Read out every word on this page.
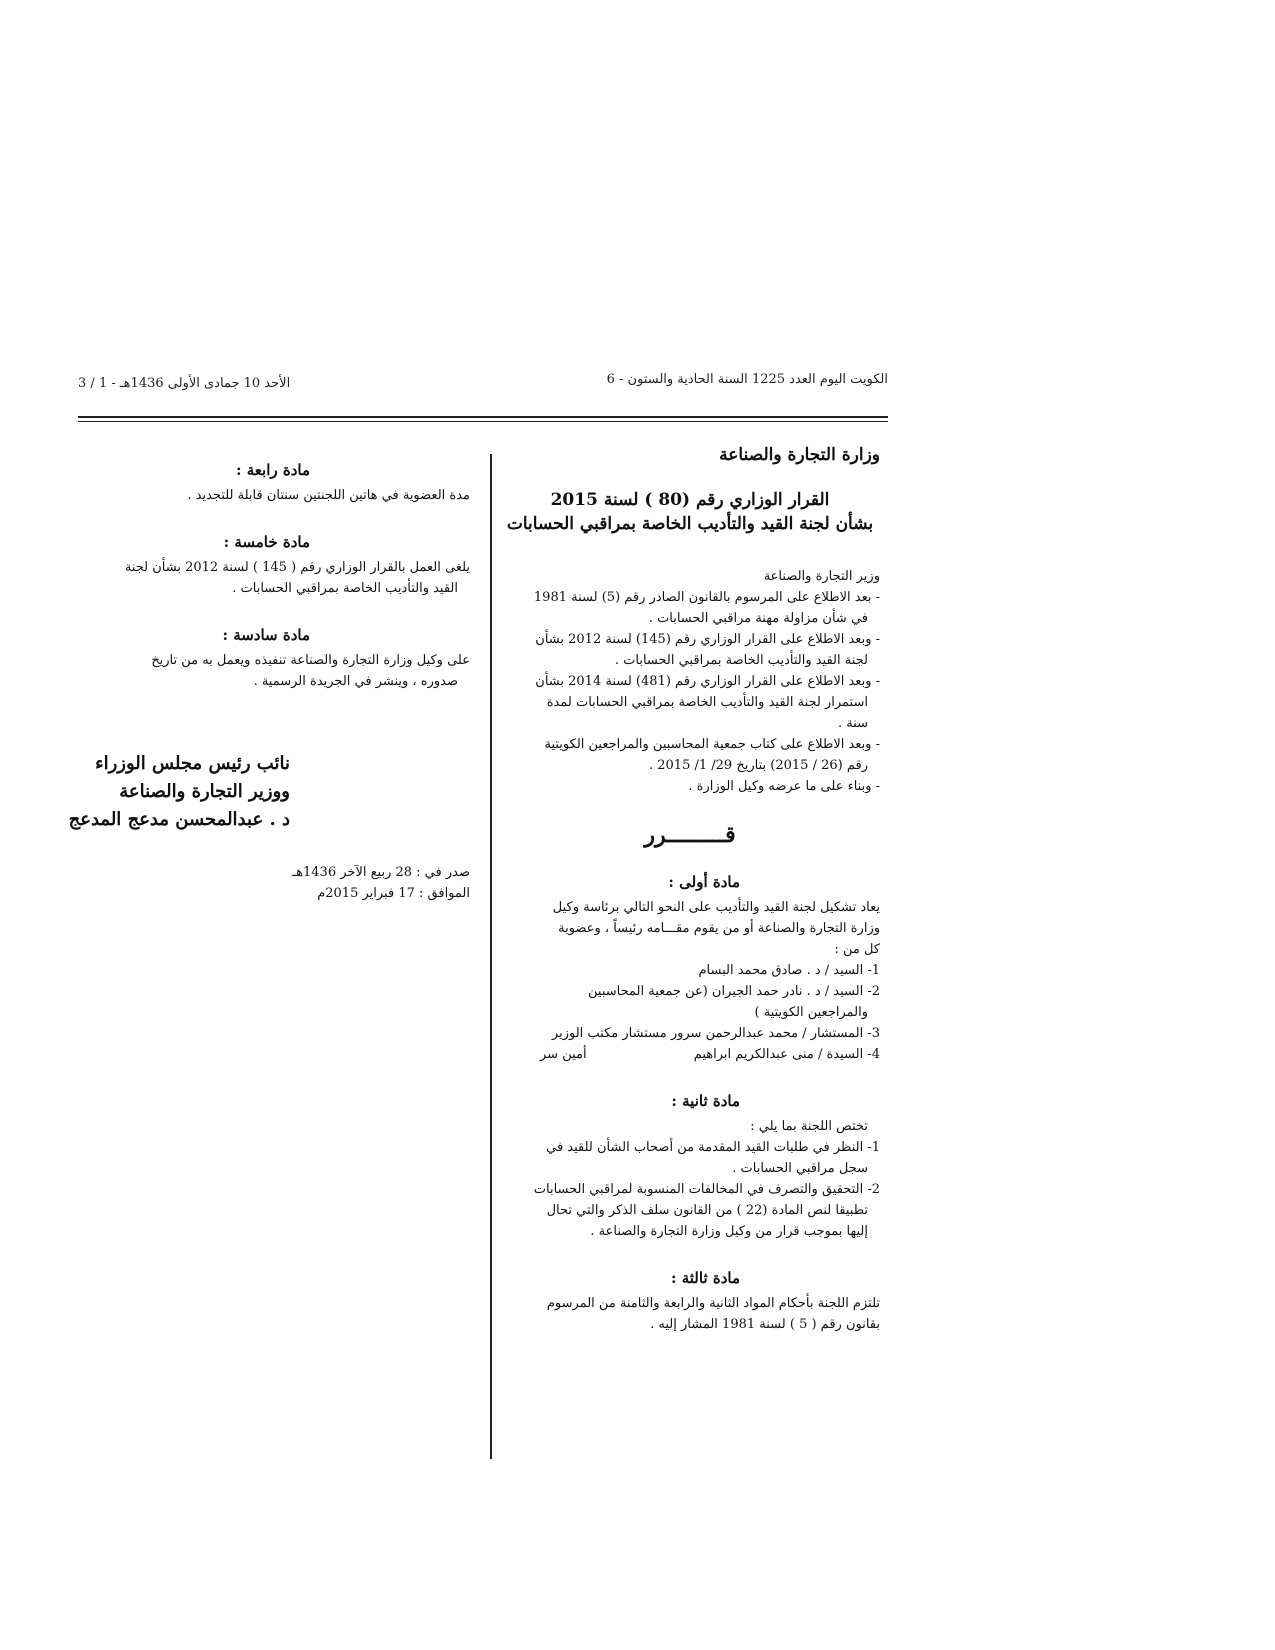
الكويت اليوم العدد 1225 السنة الحادية والستون - 6
الأحد 10 جمادى الأولى 1436هـ - 1 / 3
وزارة التجارة والصناعة
القرار الوزاري رقم (80 ) لسنة 2015
بشأن لجنة القيد والتأديب الخاصة بمراقبي الحسابات
وزير التجارة والصناعة
- بعد الاطلاع على المرسوم بالقانون الصادر رقم (5) لسنة 1981
في شأن مزاولة مهنة مراقبي الحسابات .
- وبعد الاطلاع على القرار الوزاري رقم (145) لسنة 2012 بشأن
لجنة القيد والتأديب الخاصة بمراقبي الحسابات .
- وبعد الاطلاع على القرار الوزاري رقم (481) لسنة 2014 بشأن
استمرار لجنة القيد والتأديب الخاصة بمراقبي الحسابات لمدة
سنة .
- وبعد الاطلاع على كتاب جمعية المحاسبين والمراجعين الكويتية
رقم (26 / 2015) بتاريخ 29/ 1/ 2015 .
- وبناء على ما عرضه وكيل الوزارة .
قـــــــــرر
مادة أولى :
يعاد تشكيل لجنة القيد والتأديب على النحو التالي برئاسة وكيل
وزارة التجارة والصناعة أو من يقوم مقـــامه رئيساً ، وعضوية
كل من :
1- السيد / د . صادق محمد البسام
2- السيد / د . نادر حمد الجيران (عن جمعية المحاسبين
والمراجعين الكويتية )
3- المستشار / محمد عبدالرحمن سرور مستشار مكتب الوزير
4- السيدة / منى عبدالكريم ابراهيم
أمين سر
مادة ثانية :
تختص اللجنة بما يلي :
1- النظر في طلبات القيد المقدمة من أصحاب الشأن للقيد في
سجل مراقبي الحسابات .
2- التحقيق والتصرف في المخالفات المنسوبة لمراقبي الحسابات
تطبيقا لنص المادة (22 ) من القانون سلف الذكر والتي تحال
إليها بموجب قرار من وكيل وزارة التجارة والصناعة .
مادة ثالثة :
تلتزم اللجنة بأحكام المواد الثانية والرابعة والثامنة من المرسوم
بقانون رقم ( 5 ) لسنة 1981 المشار إليه .
مادة رابعة :
مدة العضوية في هاتين اللجنتين سنتان قابلة للتجديد .
مادة خامسة :
يلغى العمل بالقرار الوزاري رقم ( 145 ) لسنة 2012 بشأن لجنة
القيد والتأديب الخاصة بمراقبي الحسابات .
مادة سادسة :
على وكيل وزارة التجارة والصناعة تنفيذه ويعمل به من تاريخ
صدوره ، وينشر في الجريدة الرسمية .
نائب رئيس مجلس الوزراء
ووزير التجارة والصناعة
د . عبدالمحسن مدعج المدعج
صدر في : 28 ربيع الآخر 1436هـ
الموافق : 17 فبراير 2015م
